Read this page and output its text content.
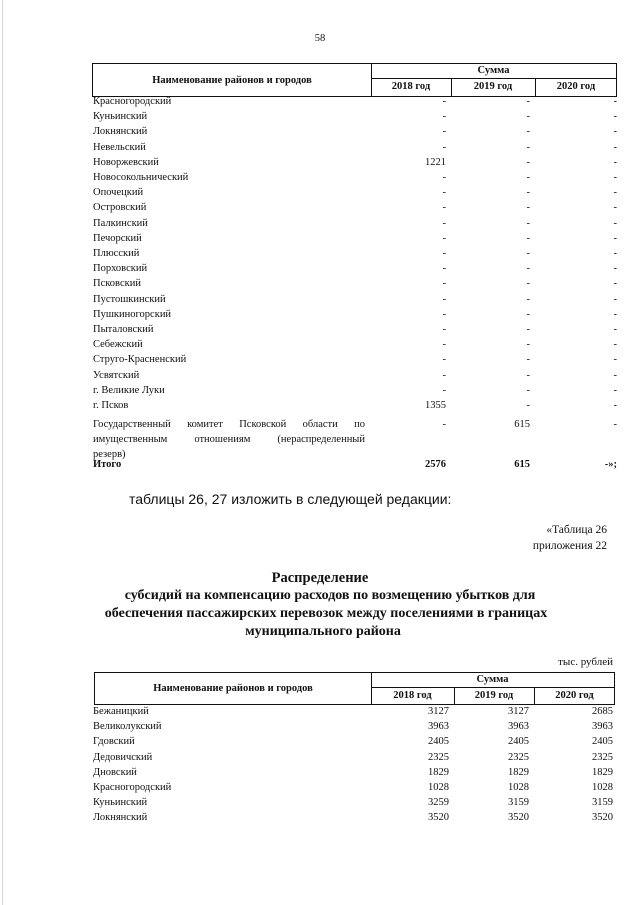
58
Наименование районов и городов
Сумма
2018 год	2019 год	2020 год
Красногородский	-	-	-
Куньинский	-	-	-
Локнянский	-	-	-
Невельский	-	-	-
Новоржевский	1221	-	-
Новосокольнический	-	-	-
Опочецкий	-	-	-
Островский	-	-	-
Палкинский	-	-	-
Печорский	-	-	-
Плюсский	-	-	-
Порховский	-	-	-
Псковский	-	-	-
Пустошкинский	-	-	-
Пушкиногорский	-	-	-
Пыталовский	-	-	-
Себежский	-	-	-
Струго-Красненский	-	-	-
Усвятский	-	-	-
г. Великие Луки	-	-	-
г. Псков	1355	-	-
Государственный комитет Псковской области по
имущественным отношениям (нераспределенный
резерв)
-	615	-
Итого	2576	615	-»;
таблицы 26, 27 изложить в следующей редакции:
«Таблица 26
приложения 22
Распределение
субсидий на компенсацию расходов по возмещению убытков для
обеспечения пассажирских перевозок между поселениями в границах
муниципального района
тыс. рублей
Наименование районов и городов
Сумма
2018 год	2019 год	2020 год
Бежаницкий	3127	3127	2685
Великолукский	3963	3963	3963
Гдовский	2405	2405	2405
Дедовичский	2325	2325	2325
Дновский	1829	1829	1829
Красногородский	1028	1028	1028
Куньинский	3259	3159	3159
Локнянский	3520	3520	3520
